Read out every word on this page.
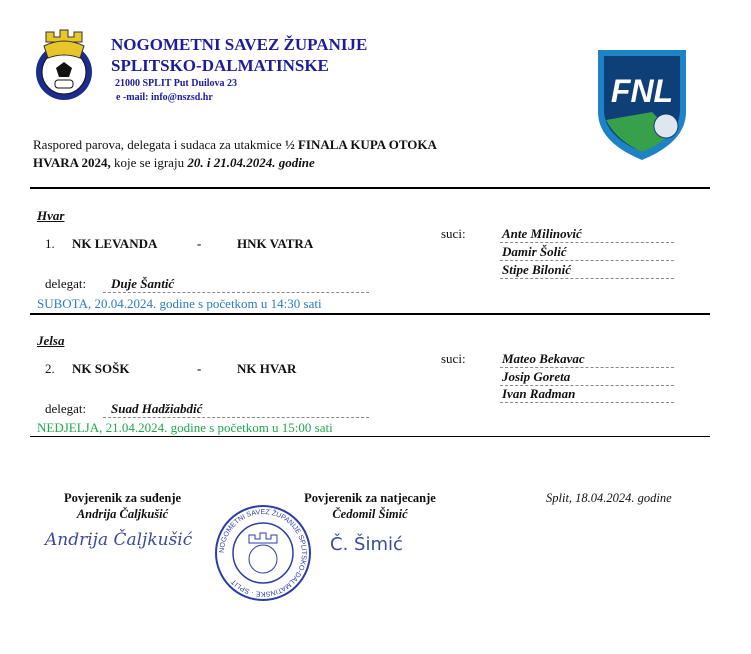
NOGOMETNI SAVEZ ŽUPANIJE
SPLITSKO-DALMATINSKE
21000 SPLIT Put Duilova 23
e -mail: info@nszsd.hr	FNL
Raspored parova, delegata i sudaca za utakmice ½ FINALA KUPA OTOKA
HVARA 2024, koje se igraju 20. i 21.04.2024. godine
Hvar
1. NK LEVANDA	-	HNK VATRA
suci:	Ante Milinović
Damir Šolić
Stipe Bilonić
delegat:	Duje Šantić
SUBOTA, 20.04.2024. godine s početkom u 14:30 sati
Jelsa
2. NK SOŠK	-	NK HVAR
suci:	Mateo Bekavac
Josip Goreta
Ivan Radman
delegat:	Suad Hadžiabdić
NEDJELJA, 21.04.2024. godine s početkom u 15:00 sati
Povjerenik za suđenje
Andrija Čaljkušić
Andrija Čaljkušić
Povjerenik za natjecanje
Čedomil Šimić
Č. Šimić
Split, 18.04.2024. godine
NOGOMETNI SAVEZ ŽUPANIJE SPLITSKO-DALMATINSKE · SPLIT
